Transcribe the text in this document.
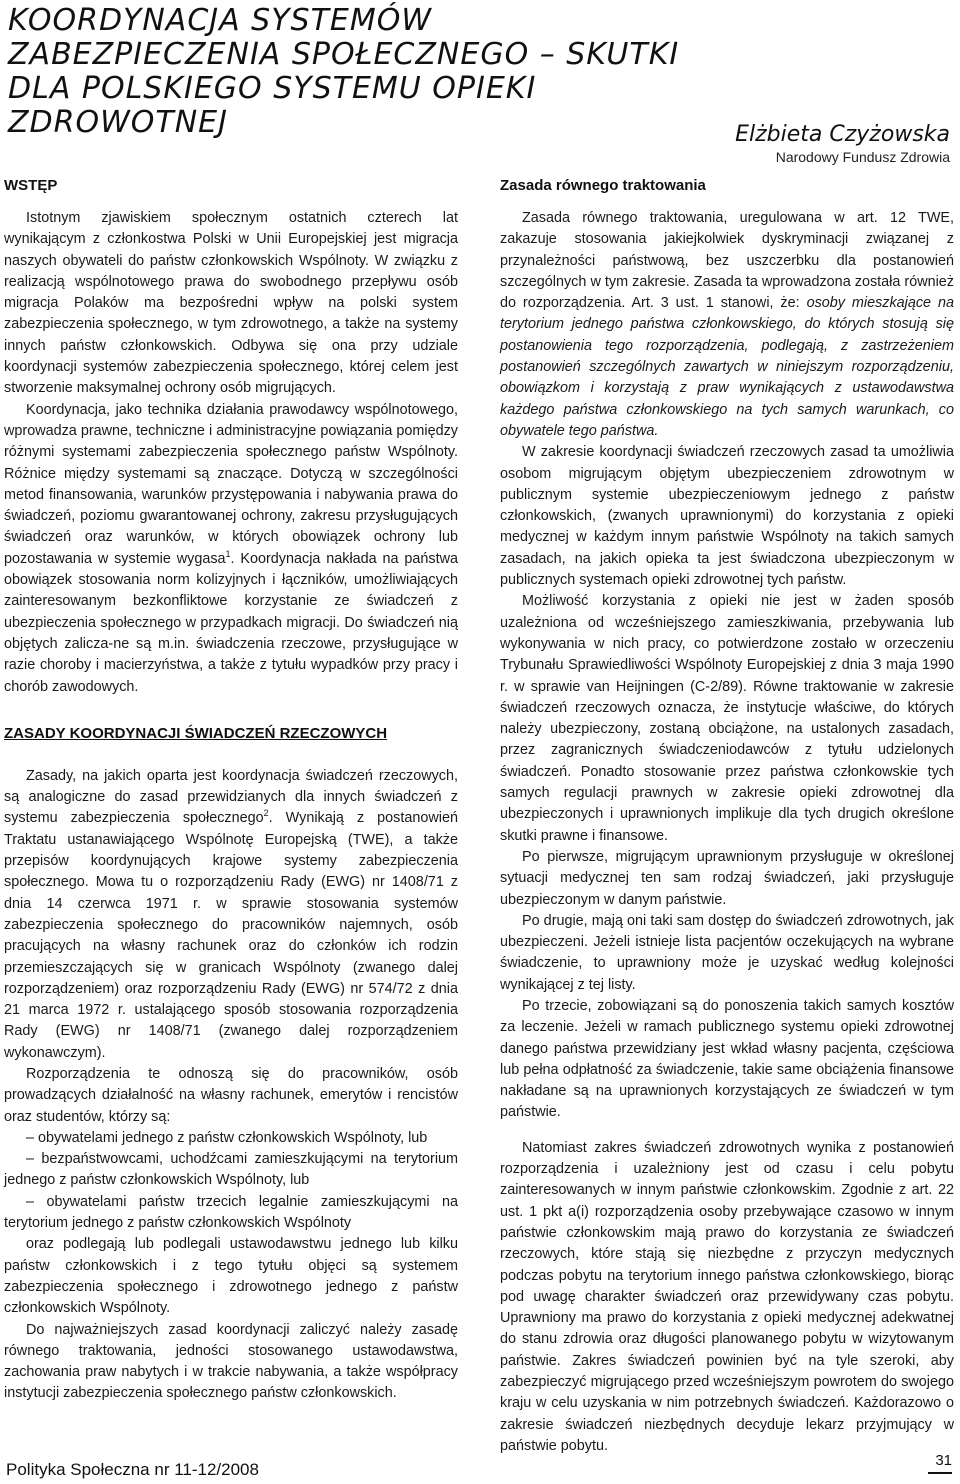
KOORDYNACJA SYSTEMÓW ZABEZPIECZENIA SPOŁECZNEGO – SKUTKI DLA POLSKIEGO SYSTEMU OPIEKI ZDROWOTNEJ	Elżbieta Czyżowska
Narodowy Fundusz Zdrowia
WSTĘP

Istotnym zjawiskiem społecznym ostatnich czterech lat wynikającym z członkostwa Polski w Unii Europejskiej jest migracja naszych obywateli do państw członkowskich Wspólnoty. W związku z realizacją wspólnotowego prawa do swobodnego przepływu osób migracja Polaków ma bezpośredni wpływ na polski system zabezpieczenia społecznego, w tym zdrowotnego, a także na systemy innych państw członkowskich. Odbywa się ona przy udziale koordynacji systemów zabezpieczenia społecznego, której celem jest stworzenie maksymalnej ochrony osób migrujących.

Koordynacja, jako technika działania prawodawcy wspólnotowego, wprowadza prawne, techniczne i administracyjne powiązania pomiędzy różnymi systemami zabezpieczenia społecznego państw Wspólnoty. Różnice między systemami są znaczące. Dotyczą w szczególności metod finansowania, warunków przystępowania i nabywania prawa do świadczeń, poziomu gwarantowanej ochrony, zakresu przysługujących świadczeń oraz warunków, w których obowiązek ochrony lub pozostawania w systemie wygasa$^1$. Koordynacja nakłada na państwa obowiązek stosowania norm kolizyjnych i łączników, umożliwiających zainteresowanym bezkonfliktowe korzystanie ze świadczeń z ubezpieczenia społecznego w przypadkach migracji. Do świadczeń nią objętych zalicza-ne są m.in. świadczenia rzeczowe, przysługujące w razie choroby i macierzyństwa, a także z tytułu wypadków przy pracy i chorób zawodowych.

ZASADY KOORDYNACJI ŚWIADCZEŃ RZECZOWYCH

Zasady, na jakich oparta jest koordynacja świadczeń rzeczowych, są analogiczne do zasad przewidzianych dla innych świadczeń z systemu zabezpieczenia społecznego$^2$. Wynikają z postanowień Traktatu ustanawiającego Wspólnotę Europejską (TWE), a także przepisów koordynujących krajowe systemy zabezpieczenia społecznego. Mowa tu o rozporządzeniu Rady (EWG) nr 1408/71 z dnia 14 czerwca 1971 r. w sprawie stosowania systemów zabezpieczenia społecznego do pracowników najemnych, osób pracujących na własny rachunek oraz do członków ich rodzin przemieszczających się w granicach Wspólnoty (zwanego dalej rozporządzeniem) oraz rozporządzeniu Rady (EWG) nr 574/72 z dnia 21 marca 1972 r. ustalającego sposób stosowania rozporządzenia Rady (EWG) nr 1408/71 (zwanego dalej rozporządzeniem wykonawczym).

Rozporządzenia te odnoszą się do pracowników, osób prowadzących działalność na własny rachunek, emerytów i rencistów oraz studentów, którzy są:

– obywatelami jednego z państw członkowskich Wspólnoty, lub

– bezpaństwowcami, uchodźcami zamieszkującymi na terytorium jednego z państw członkowskich Wspólnoty, lub

– obywatelami państw trzecich legalnie zamieszkującymi na terytorium jednego z państw członkowskich Wspólnoty

oraz podlegają lub podlegali ustawodawstwu jednego lub kilku państw członkowskich i z tego tytułu objęci są systemem zabezpieczenia społecznego i zdrowotnego jednego z państw członkowskich Wspólnoty.

Do najważniejszych zasad koordynacji zaliczyć należy zasadę równego traktowania, jedności stosowanego ustawodawstwa, zachowania praw nabytych i w trakcie nabywania, a także współpracy instytucji zabezpieczenia społecznego państw członkowskich.

Zasada równego traktowania

Zasada równego traktowania, uregulowana w art. 12 TWE, zakazuje stosowania jakiejkolwiek dyskryminacji związanej z przynależności państwową, bez uszczerbku dla postanowień szczególnych w tym zakresie. Zasada ta wprowadzona została również do rozporządzenia. Art. 3 ust. 1 stanowi, że: osoby mieszkające na terytorium jednego państwa członkowskiego, do których stosują się postanowienia tego rozporządzenia, podlegają, z zastrzeżeniem postanowień szczególnych zawartych w niniejszym rozporządzeniu, obowiązkom i korzystają z praw wynikających z ustawodawstwa każdego państwa członkowskiego na tych samych warunkach, co obywatele tego państwa.

W zakresie koordynacji świadczeń rzeczowych zasad ta umożliwia osobom migrującym objętym ubezpieczeniem zdrowotnym w publicznym systemie ubezpieczeniowym jednego z państw członkowskich, (zwanych uprawnionymi) do korzystania z opieki medycznej w każdym innym państwie Wspólnoty na takich samych zasadach, na jakich opieka ta jest świadczona ubezpieczonym w publicznych systemach opieki zdrowotnej tych państw.

Możliwość korzystania z opieki nie jest w żaden sposób uzależniona od wcześniejszego zamieszkiwania, przebywania lub wykonywania w nich pracy, co potwierdzone zostało w orzeczeniu Trybunału Sprawiedliwości Wspólnoty Europejskiej z dnia 3 maja 1990 r. w sprawie van Heijningen (C-2/89). Równe traktowanie w zakresie świadczeń rzeczowych oznacza, że instytucje właściwe, do których należy ubezpieczony, zostaną obciążone, na ustalonych zasadach, przez zagranicznych świadczeniodawców z tytułu udzielonych świadczeń. Ponadto stosowanie przez państwa członkowskie tych samych regulacji prawnych w zakresie opieki zdrowotnej dla ubezpieczonych i uprawnionych implikuje dla tych drugich określone skutki prawne i finansowe.

Po pierwsze, migrującym uprawnionym przysługuje w określonej sytuacji medycznej ten sam rodzaj świadczeń, jaki przysługuje ubezpieczonym w danym państwie.

Po drugie, mają oni taki sam dostęp do świadczeń zdrowotnych, jak ubezpieczeni. Jeżeli istnieje lista pacjentów oczekujących na wybrane świadczenie, to uprawniony może je uzyskać według kolejności wynikającej z tej listy.

Po trzecie, zobowiązani są do ponoszenia takich samych kosztów za leczenie. Jeżeli w ramach publicznego systemu opieki zdrowotnej danego państwa przewidziany jest wkład własny pacjenta, częściowa lub pełna odpłatność za świadczenie, takie same obciążenia finansowe nakładane są na uprawnionych korzystających ze świadczeń w tym państwie.

Natomiast zakres świadczeń zdrowotnych wynika z postanowień rozporządzenia i uzależniony jest od czasu i celu pobytu zainteresowanych w innym państwie członkowskim. Zgodnie z art. 22 ust. 1 pkt a(i) rozporządzenia osoby przebywające czasowo w innym państwie członkowskim mają prawo do korzystania ze świadczeń rzeczowych, które stają się niezbędne z przyczyn medycznych podczas pobytu na terytorium innego państwa członkowskiego, biorąc pod uwagę charakter świadczeń oraz przewidywany czas pobytu. Uprawniony ma prawo do korzystania z opieki medycznej adekwatnej do stanu zdrowia oraz długości planowanego pobytu w wizytowanym państwie. Zakres świadczeń powinien być na tyle szeroki, aby zabezpieczyć migrującego przed wcześniejszym powrotem do swojego kraju w celu uzyskania w nim potrzebnych świadczeń. Każdorazowo o zakresie świadczeń niezbędnych decyduje lekarz przyjmujący w państwie pobytu.

Polityka Społeczna nr 11-12/2008	31
